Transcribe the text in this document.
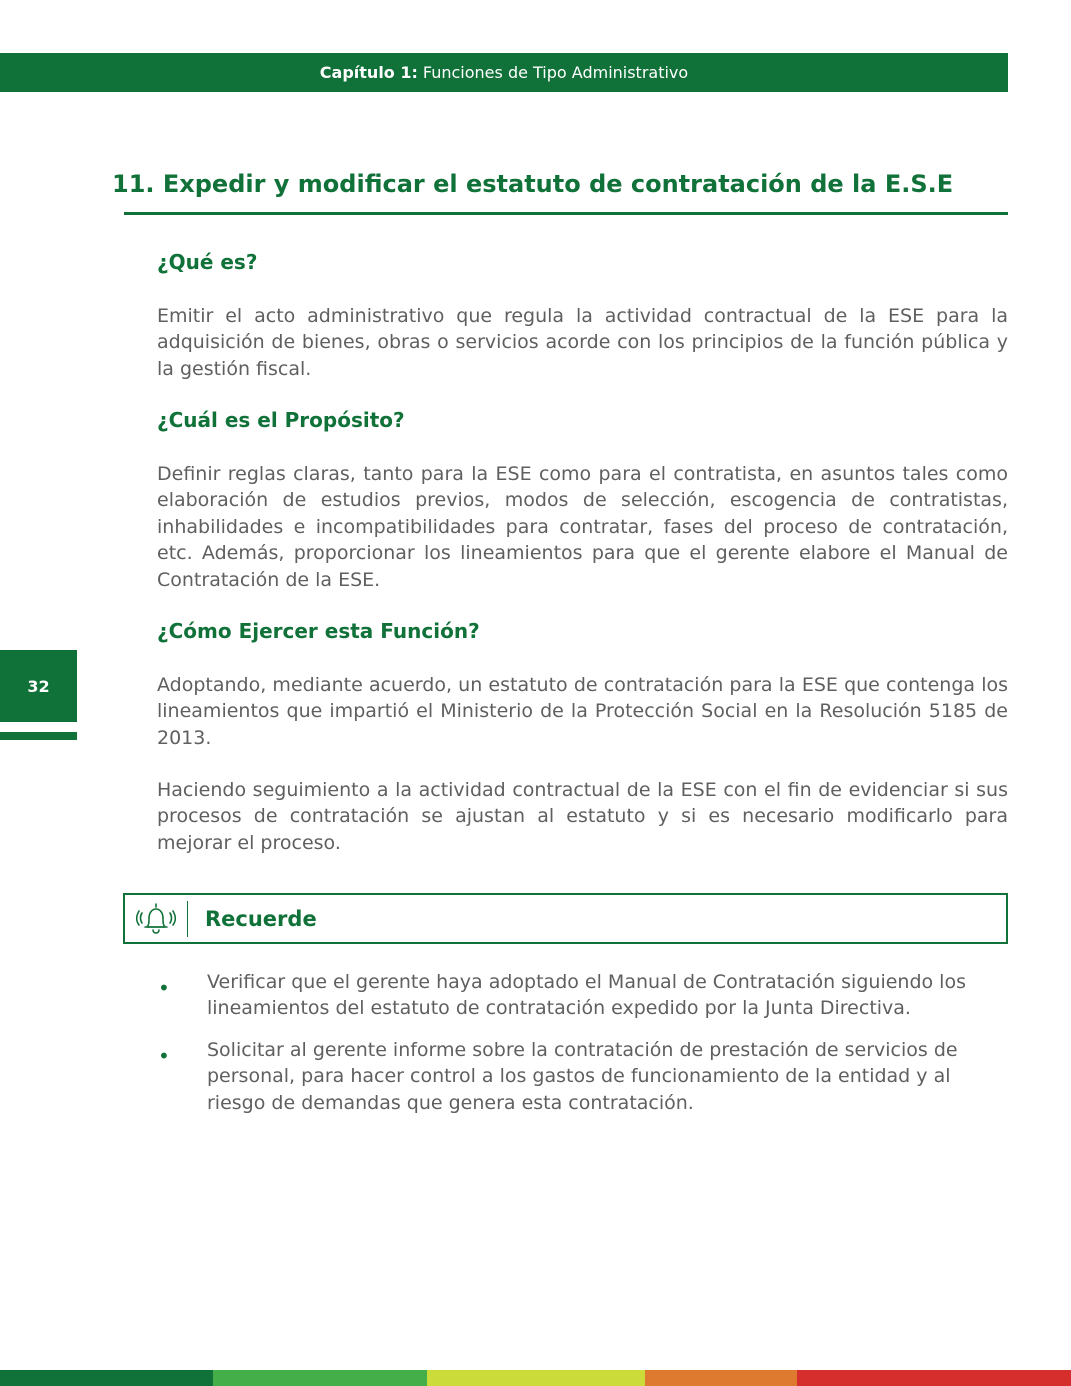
Capítulo 1: Funciones de Tipo Administrativo
11. Expedir y modificar el estatuto de contratación de la E.S.E
¿Qué es?

Emitir el acto administrativo que regula la actividad contractual de la ESE para la adquisición de bienes, obras o servicios acorde con los principios de la función pública y la gestión fiscal.

¿Cuál es el Propósito?

Definir reglas claras, tanto para la ESE como para el contratista, en asuntos tales como elaboración de estudios previos, modos de selección, escogencia de contratistas, inhabilidades e incompatibilidades para contratar, fases del proceso de contratación, etc. Además, proporcionar los lineamientos para que el gerente elabore el Manual de Contratación de la ESE.

¿Cómo Ejercer esta Función?

Adoptando, mediante acuerdo, un estatuto de contratación para la ESE que contenga los lineamientos que impartió el Ministerio de la Protección Social en la Resolución 5185 de 2013.

Haciendo seguimiento a la actividad contractual de la ESE con el fin de evidenciar si sus procesos de contratación se ajustan al estatuto y si es necesario modificarlo para mejorar el proceso.

32
Recuerde
• Verificar que el gerente haya adoptado el Manual de Contratación siguiendo los lineamientos del estatuto de contratación expedido por la Junta Directiva.
• Solicitar al gerente informe sobre la contratación de prestación de servicios de personal, para hacer control a los gastos de funcionamiento de la entidad y al riesgo de demandas que genera esta contratación.
